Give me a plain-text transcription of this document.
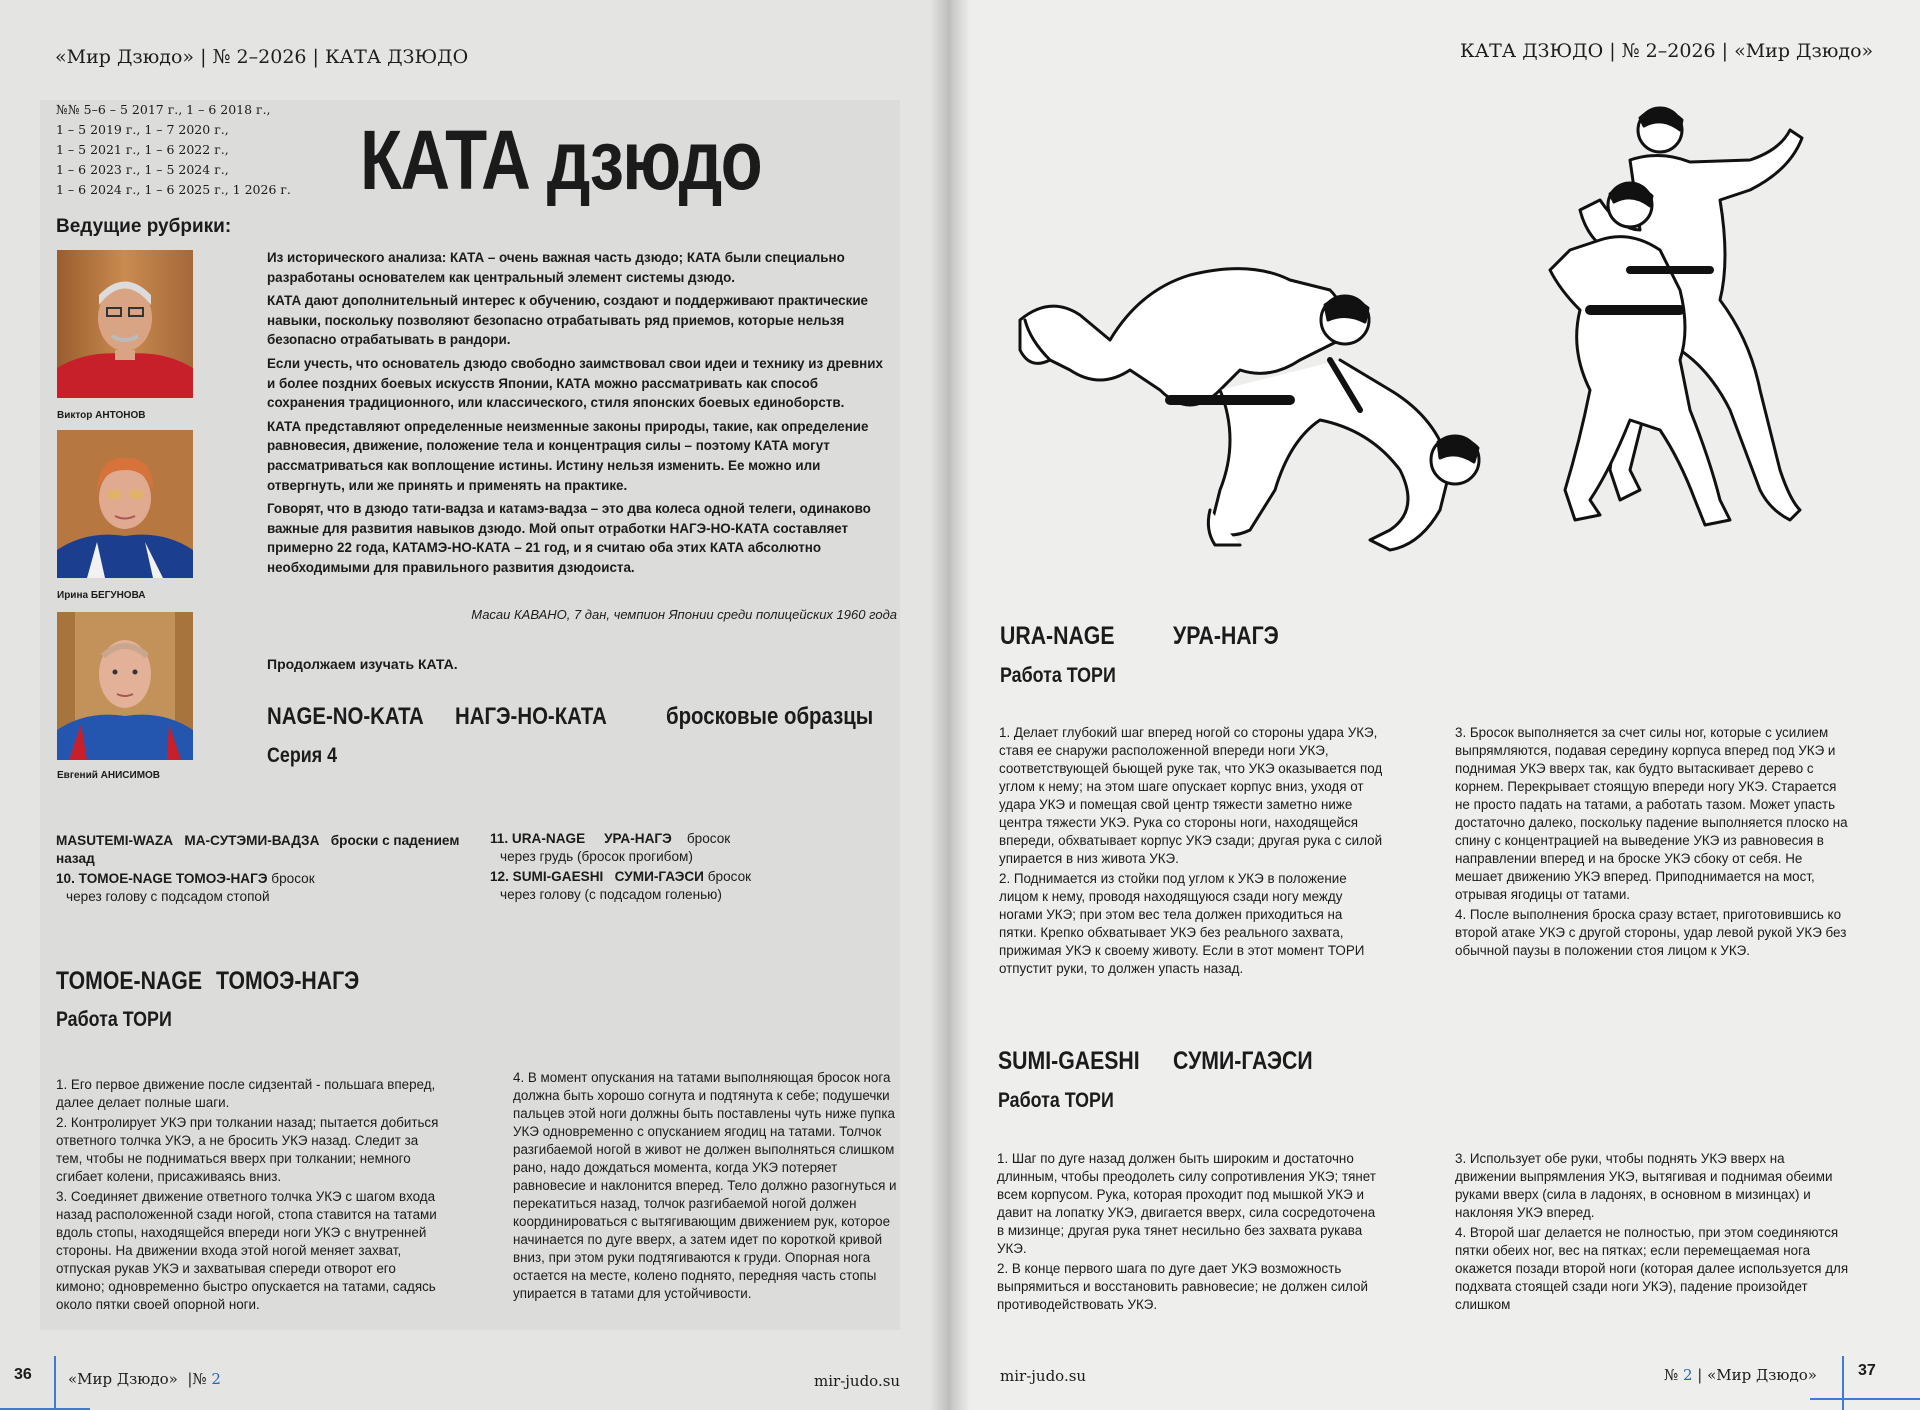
«Мир Дзюдо» | № 2–2026 | КАТА ДЗЮДО
№№ 5–6 – 5 2017 г., 1 – 6 2018 г.,
1 – 5 2019 г., 1 – 7 2020 г.,
1 – 5 2021 г., 1 – 6 2022 г.,
1 – 6 2023 г., 1 – 5 2024 г.,
1 – 6 2024 г., 1 – 6 2025 г., 1 2026 г. КАТА дзюдо
Ведущие рубрики:
Виктор АНТОНОВ
Ирина БЕГУНОВА
Евгений АНИСИМОВ

Из исторического анализа: КАТА – очень важная часть дзюдо; КАТА были специально разработаны основателем как центральный элемент системы дзюдо.

КАТА дают дополнительный интерес к обучению, создают и поддерживают практические навыки, поскольку позволяют безопасно отрабатывать ряд приемов, которые нельзя безопасно отрабатывать в рандори.

Если учесть, что основатель дзюдо свободно заимствовал свои идеи и технику из древних и более поздних боевых искусств Японии, КАТА можно рассматривать как способ сохранения традиционного, или классического, стиля японских боевых единоборств.

КАТА представляют определенные неизменные законы природы, такие, как определение равновесия, движение, положение тела и концентрация силы – поэтому КАТА могут рассматриваться как воплощение истины. Истину нельзя изменить. Ее можно или отвергнуть, или же принять и применять на практике.

Говорят, что в дзюдо тати-вадза и катамэ-вадза – это два колеса одной телеги, одинаково важные для развития навыков дзюдо. Мой опыт отработки НАГЭ-НО-КАТА составляет примерно 22 года, КАТАМЭ-НО-КАТА – 21 год, и я считаю оба этих КАТА абсолютно необходимыми для правильного развития дзюдоиста.

Масаи КАВАНО, 7 дан, чемпион Японии среди полицейских 1960 года
Продолжаем изучать КАТА.
NAGE-NO-KATA НАГЭ-НО-КАТА бросковые образцы
Серия 4
MASUTEMI-WAZA МА-СУТЭМИ-ВАДЗА броски с падением назад
10. TOMOE-NAGE ТОМОЭ-НАГЭ бросок
через голову с подсадом стопой
11. URA-NAGE УРА-НАГЭ бросок
через грудь (бросок прогибом)
12. SUMI-GAESHI СУМИ-ГАЭСИ бросок
через голову (с подсадом голенью)
TOMOE-NAGE ТОМОЭ-НАГЭ
Работа ТОРИ

1. Его первое движение после сидзентай - польшага вперед, далее делает полные шаги.

2. Контролирует УКЭ при толкании назад; пытается добиться ответного толчка УКЭ, а не бросить УКЭ назад. Следит за тем, чтобы не подниматься вверх при толкании; немного сгибает колени, присаживаясь вниз.

3. Соединяет движение ответного толчка УКЭ с шагом входа назад расположенной сзади ногой, стопа ставится на татами вдоль стопы, находящейся впереди ноги УКЭ с внутренней стороны. На движении входа этой ногой меняет захват, отпуская рукав УКЭ и захватывая спереди отворот его кимоно; одновременно быстро опускается на татами, садясь около пятки своей опорной ноги.

4. В момент опускания на татами выполняющая бросок нога должна быть хорошо согнута и подтянута к себе; подушечки пальцев этой ноги должны быть поставлены чуть ниже пупка УКЭ одновременно с опусканием ягодиц на татами. Толчок разгибаемой ногой в живот не должен выполняться слишком рано, надо дождаться момента, когда УКЭ потеряет равновесие и наклонится вперед. Тело должно разогнуться и перекатиться назад, толчок разгибаемой ногой должен координироваться с вытягивающим движением рук, которое начинается по дуге вверх, а затем идет по короткой кривой вниз, при этом руки подтягиваются к груди. Опорная нога остается на месте, колено поднято, передняя часть стопы упирается в татами для устойчивости.

36 «Мир Дзюдо»  |№ 2	mir-judo.su
КАТА ДЗЮДО | № 2–2026 | «Мир Дзюдо»
URA-NAGE УРА-НАГЭ
Работа ТОРИ

1. Делает глубокий шаг вперед ногой со стороны удара УКЭ, ставя ее снаружи расположенной впереди ноги УКЭ, соответствующей бьющей руке так, что УКЭ оказывается под углом к нему; на этом шаге опускает корпус вниз, уходя от удара УКЭ и помещая свой центр тяжести заметно ниже центра тяжести УКЭ. Рука со стороны ноги, находящейся впереди, обхватывает корпус УКЭ сзади; другая рука с силой упирается в низ живота УКЭ.

2. Поднимается из стойки под углом к УКЭ в положение лицом к нему, проводя находящуюся сзади ногу между ногами УКЭ; при этом вес тела должен приходиться на пятки. Крепко обхватывает УКЭ без реального захвата, прижимая УКЭ к своему животу. Если в этот момент ТОРИ отпустит руки, то должен упасть назад.

3. Бросок выполняется за счет силы ног, которые с усилием выпрямляются, подавая середину корпуса вперед под УКЭ и поднимая УКЭ вверх так, как будто вытаскивает дерево с корнем. Перекрывает стоящую впереди ногу УКЭ. Старается не просто падать на татами, а работать тазом. Может упасть достаточно далеко, поскольку падение выполняется плоско на спину с концентрацией на выведение УКЭ из равновесия в направлении вперед и на броске УКЭ сбоку от себя. Не мешает движению УКЭ вперед. Приподнимается на мост, отрывая ягодицы от татами.

4. После выполнения броска сразу встает, приготовившись ко второй атаке УКЭ с другой стороны, удар левой рукой УКЭ без обычной паузы в положении стоя лицом к УКЭ.

SUMI-GAESHI СУМИ-ГАЭСИ
Работа ТОРИ

1. Шаг по дуге назад должен быть широким и достаточно длинным, чтобы преодолеть силу сопротивления УКЭ; тянет всем корпусом. Рука, которая проходит под мышкой УКЭ и давит на лопатку УКЭ, двигается вверх, сила сосредоточена в мизинце; другая рука тянет несильно без захвата рукава УКЭ.

2. В конце первого шага по дуге дает УКЭ возможность выпрямиться и восстановить равновесие; не должен силой противодействовать УКЭ.

3. Использует обе руки, чтобы поднять УКЭ вверх на движении выпрямления УКЭ, вытягивая и поднимая обеими руками вверх (сила в ладонях, в основном в мизинцах) и наклоняя УКЭ вперед.

4. Второй шаг делается не полностью, при этом соединяются пятки обеих ног, вес на пятках; если перемещаемая нога окажется позади второй ноги (которая далее используется для подхвата стоящей сзади ноги УКЭ), падение произойдет слишком

mir-judo.su	№ 2 | «Мир Дзюдо»	37
